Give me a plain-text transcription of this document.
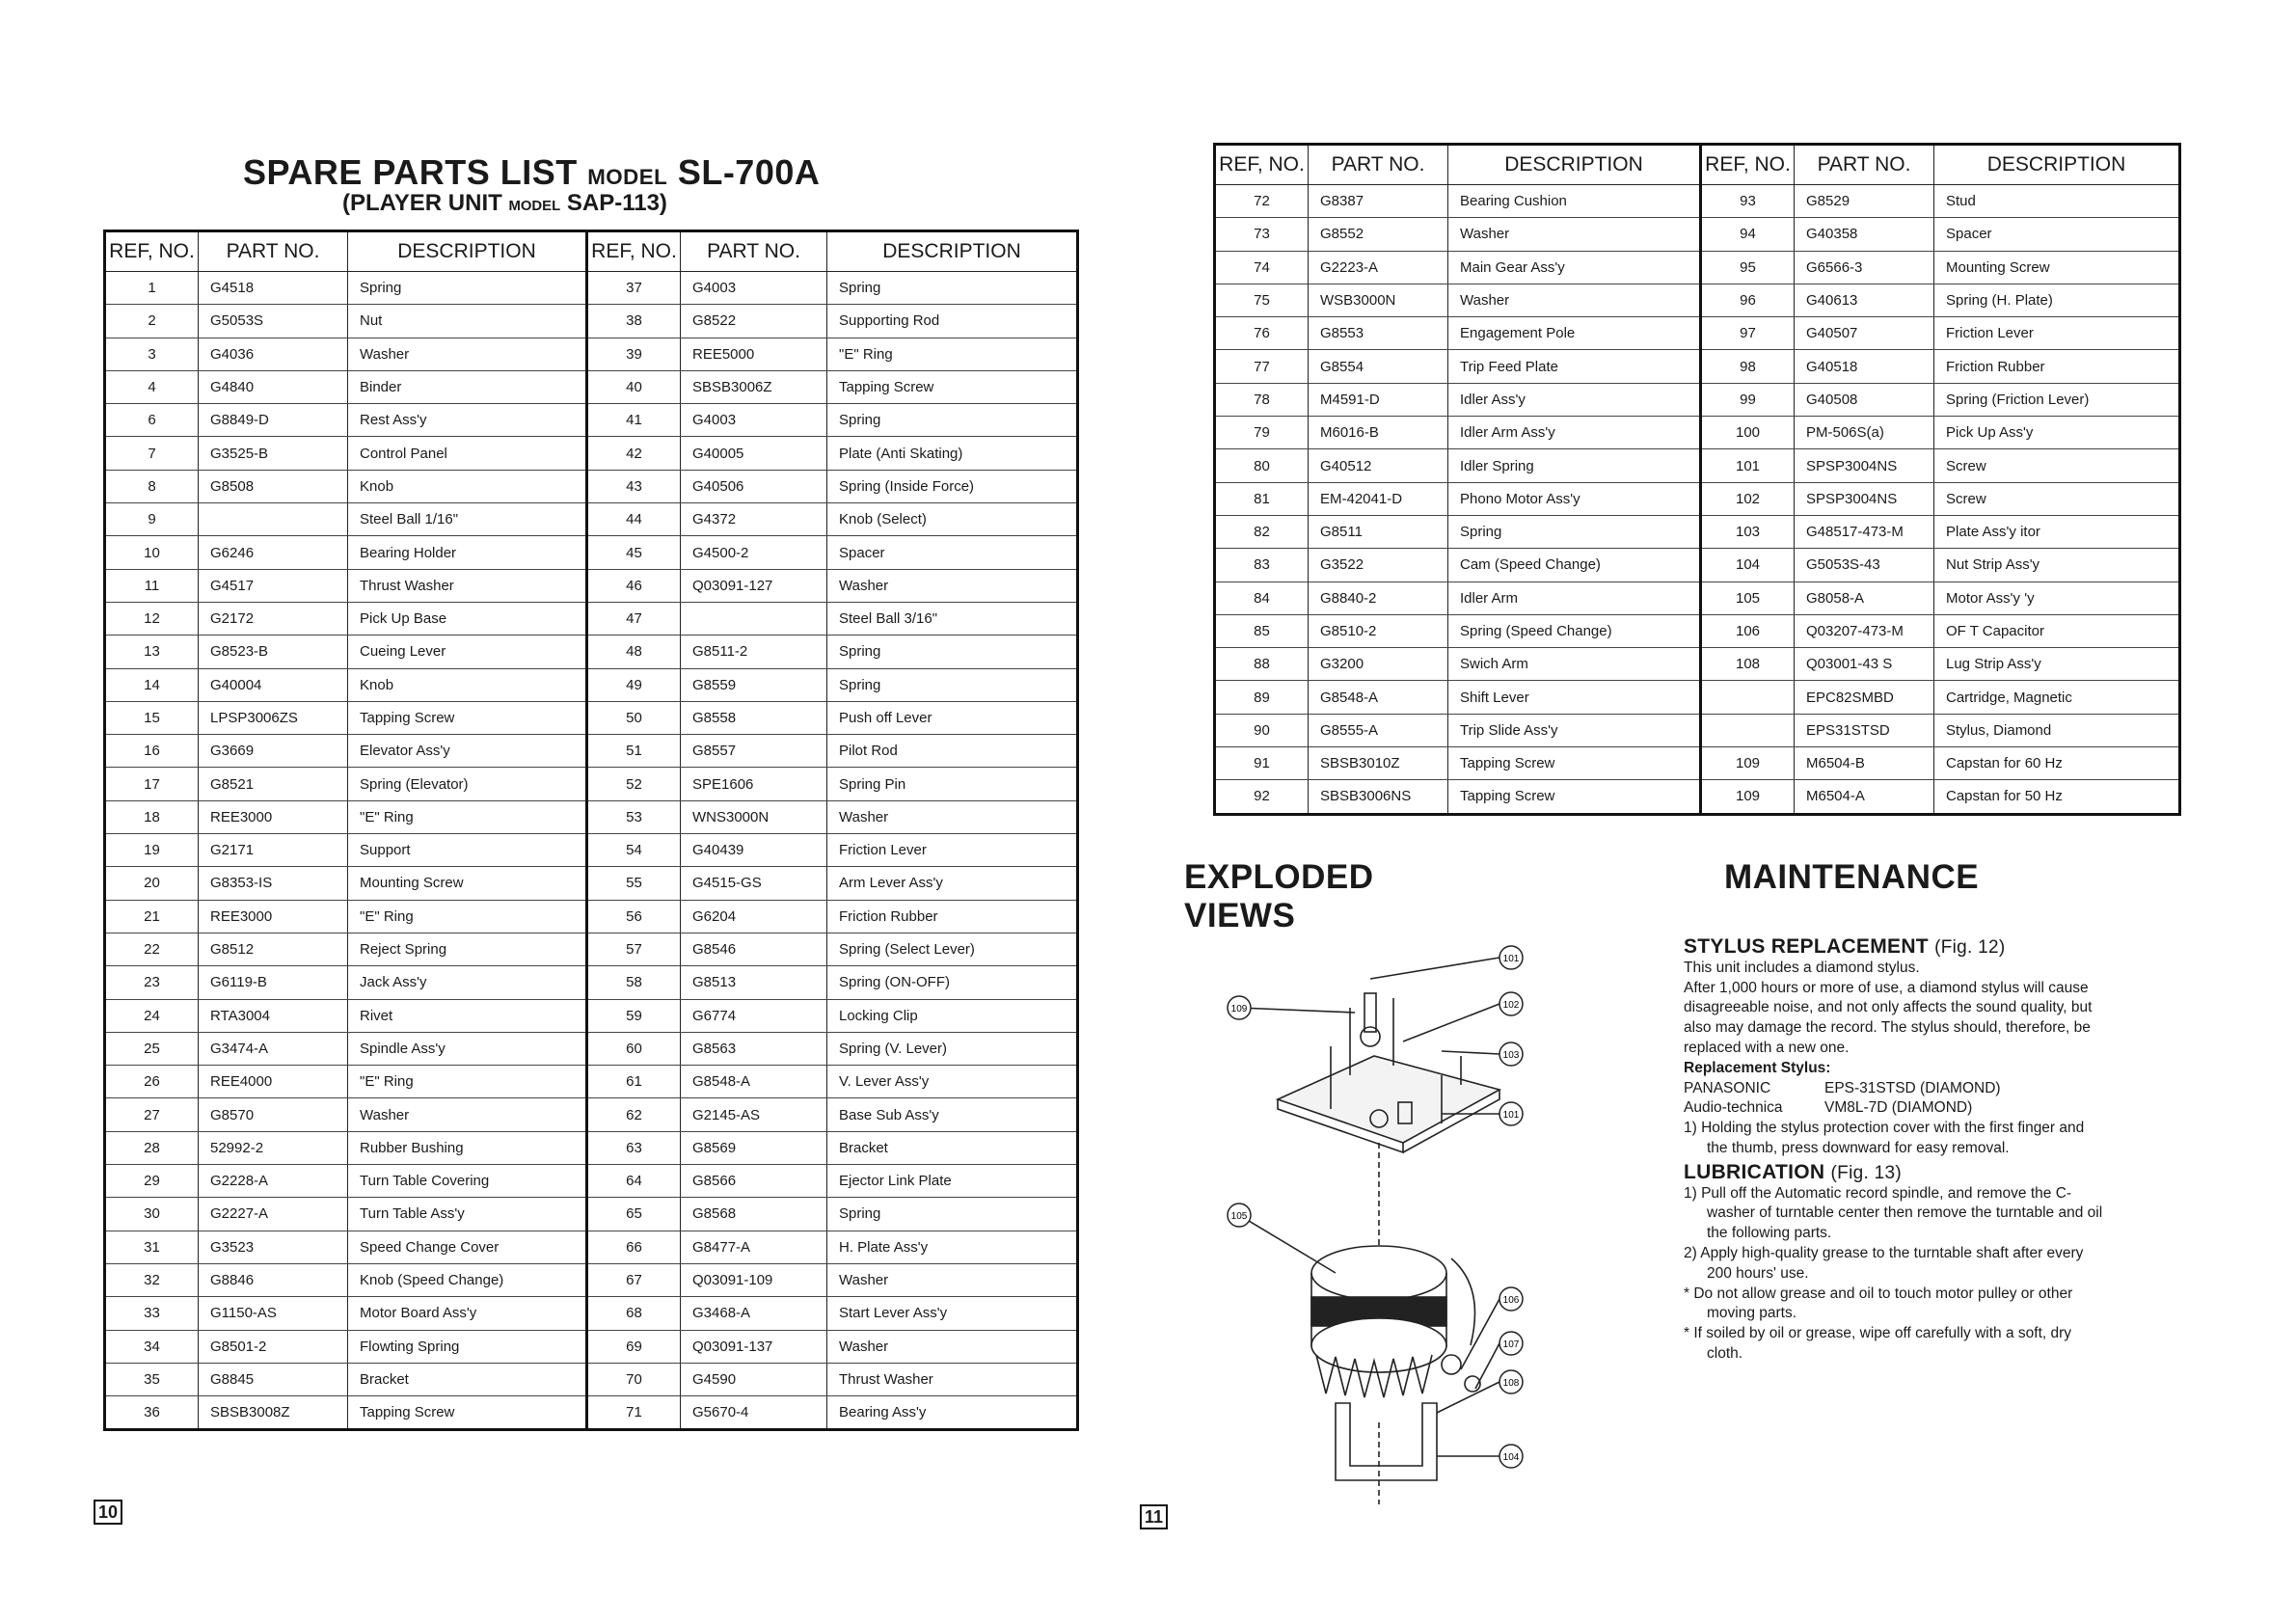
SPARE PARTS LIST MODEL SL-700A
(PLAYER UNIT MODEL SAP-113)
REF, NO.	PART NO.	DESCRIPTION	REF, NO.	PART NO.	DESCRIPTION
1	G4518	Spring	37	G4003	Spring
2	G5053S	Nut	38	G8522	Supporting Rod
3	G4036	Washer	39	REE5000	"E" Ring
4	G4840	Binder	40	SBSB3006Z	Tapping Screw
6	G8849-D	Rest Ass'y	41	G4003	Spring
7	G3525-B	Control Panel	42	G40005	Plate (Anti Skating)
8	G8508	Knob	43	G40506	Spring (Inside Force)
9		Steel Ball 1/16"	44	G4372	Knob (Select)
10	G6246	Bearing Holder	45	G4500-2	Spacer
11	G4517	Thrust Washer	46	Q03091-127	Washer
12	G2172	Pick Up Base	47		Steel Ball 3/16"
13	G8523-B	Cueing Lever	48	G8511-2	Spring
14	G40004	Knob	49	G8559	Spring
15	LPSP3006ZS	Tapping Screw	50	G8558	Push off Lever
16	G3669	Elevator Ass'y	51	G8557	Pilot Rod
17	G8521	Spring (Elevator)	52	SPE1606	Spring Pin
18	REE3000	"E" Ring	53	WNS3000N	Washer
19	G2171	Support	54	G40439	Friction Lever
20	G8353-IS	Mounting Screw	55	G4515-GS	Arm Lever Ass'y
21	REE3000	"E" Ring	56	G6204	Friction Rubber
22	G8512	Reject Spring	57	G8546	Spring (Select Lever)
23	G6119-B	Jack Ass'y	58	G8513	Spring (ON-OFF)
24	RTA3004	Rivet	59	G6774	Locking Clip
25	G3474-A	Spindle Ass'y	60	G8563	Spring (V. Lever)
26	REE4000	"E" Ring	61	G8548-A	V. Lever Ass'y
27	G8570	Washer	62	G2145-AS	Base Sub Ass'y
28	52992-2	Rubber Bushing	63	G8569	Bracket
29	G2228-A	Turn Table Covering	64	G8566	Ejector Link Plate
30	G2227-A	Turn Table Ass'y	65	G8568	Spring
31	G3523	Speed Change Cover	66	G8477-A	H. Plate Ass'y
32	G8846	Knob (Speed Change)	67	Q03091-109	Washer
33	G1150-AS	Motor Board Ass'y	68	G3468-A	Start Lever Ass'y
34	G8501-2	Flowting Spring	69	Q03091-137	Washer
35	G8845	Bracket	70	G4590	Thrust Washer
36	SBSB3008Z	Tapping Screw	71	G5670-4	Bearing Ass'y
10
REF, NO.	PART NO.	DESCRIPTION	REF, NO.	PART NO.	DESCRIPTION
72	G8387	Bearing Cushion	93	G8529	Stud
73	G8552	Washer	94	G40358	Spacer
74	G2223-A	Main Gear Ass'y	95	G6566-3	Mounting Screw
75	WSB3000N	Washer	96	G40613	Spring (H. Plate)
76	G8553	Engagement Pole	97	G40507	Friction Lever
77	G8554	Trip Feed Plate	98	G40518	Friction Rubber
78	M4591-D	Idler Ass'y	99	G40508	Spring (Friction Lever)
79	M6016-B	Idler Arm Ass'y	100	PM-506S(a)	Pick Up Ass'y
80	G40512	Idler Spring	101	SPSP3004NS	Screw
81	EM-42041-D	Phono Motor Ass'y	102	SPSP3004NS	Screw
82	G8511	Spring	103	G48517-473-M	Plate Ass'y itor
83	G3522	Cam (Speed Change)	104	G5053S-43	Nut Strip Ass'y
84	G8840-2	Idler Arm	105	G8058-A	Motor Ass'y 'y
85	G8510-2	Spring (Speed Change)	106	Q03207-473-M	OF T Capacitor
88	G3200	Swich Arm	108	Q03001-43 S	Lug Strip Ass'y
89	G8548-A	Shift Lever		EPC82SMBD	Cartridge, Magnetic
90	G8555-A	Trip Slide Ass'y		EPS31STSD	Stylus, Diamond
91	SBSB3010Z	Tapping Screw	109	M6504-B	Capstan for 60 Hz
92	SBSB3006NS	Tapping Screw	109	M6504-A	Capstan for 50 Hz
EXPLODED VIEWS
MAINTENANCE
101
102
103
101
105
106
107
108
104
109

STYLUS REPLACEMENT (Fig. 12)

This unit includes a diamond stylus.

After 1,000 hours or more of use, a diamond stylus will cause disagreeable noise, and not only affects the sound quality, but also may damage the record. The stylus should, therefore, be replaced with a new one.

Replacement Stylus:

PANASONIC	EPS-31STSD (DIAMOND)

Audio-technica	VM8L-7D (DIAMOND)

1) Holding the stylus protection cover with the first finger and the thumb, press downward for easy removal.

LUBRICATION (Fig. 13)

1) Pull off the Automatic record spindle, and remove the C-washer of turntable center then remove the turntable and oil the following parts.

2) Apply high-quality grease to the turntable shaft after every 200 hours' use.

* Do not allow grease and oil to touch motor pulley or other moving parts.

* If soiled by oil or grease, wipe off carefully with a soft, dry cloth.

11
